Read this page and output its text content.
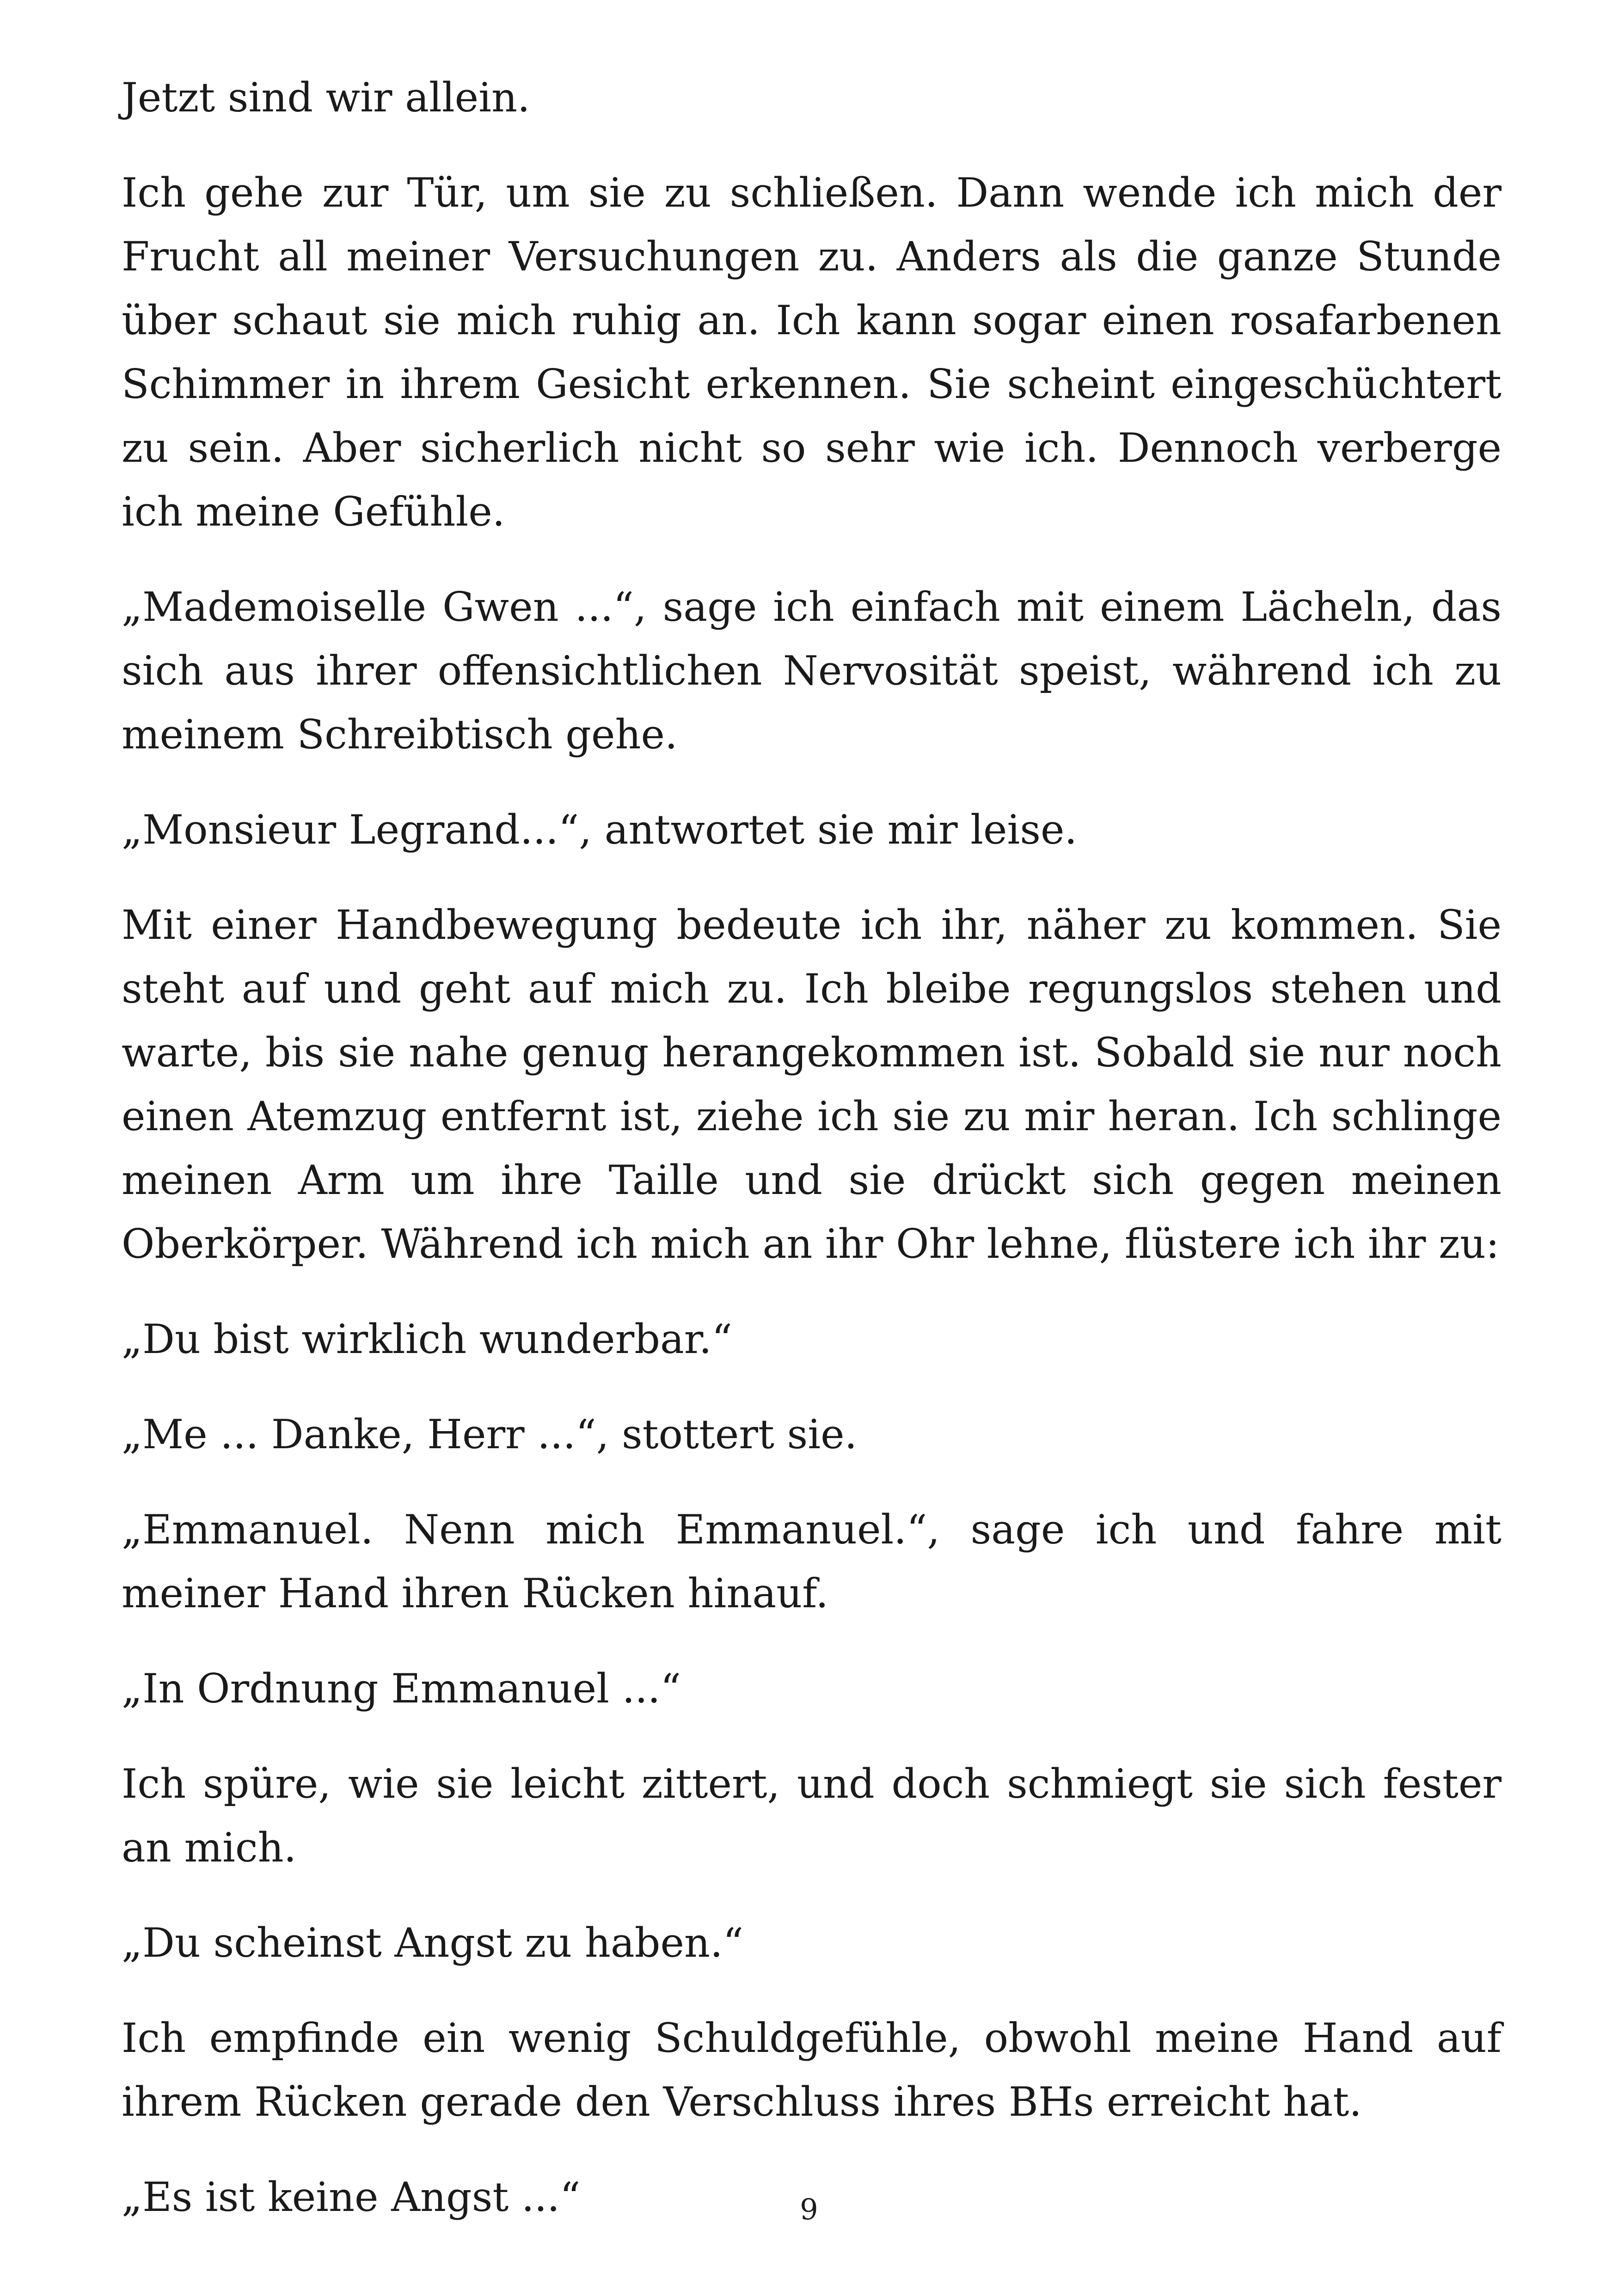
Jetzt sind wir allein.

Ich gehe zur Tür, um sie zu schließen. Dann wende ich mich der Frucht all meiner Versuchungen zu. Anders als die ganze Stunde über schaut sie mich ruhig an. Ich kann sogar einen rosafarbenen Schimmer in ihrem Gesicht erkennen. Sie scheint eingeschüchtert zu sein. Aber sicherlich nicht so sehr wie ich. Dennoch verberge ich meine Gefühle.

„Mademoiselle Gwen ...“, sage ich einfach mit einem Lächeln, das sich aus ihrer offensichtlichen Nervosität speist, während ich zu meinem Schreibtisch gehe.

„Monsieur Legrand...“, antwortet sie mir leise.

Mit einer Handbewegung bedeute ich ihr, näher zu kommen. Sie steht auf und geht auf mich zu. Ich bleibe regungslos stehen und warte, bis sie nahe genug herangekommen ist. Sobald sie nur noch einen Atemzug entfernt ist, ziehe ich sie zu mir heran. Ich schlinge meinen Arm um ihre Taille und sie drückt sich gegen meinen Oberkörper. Während ich mich an ihr Ohr lehne, flüstere ich ihr zu:

„Du bist wirklich wunderbar.“

„Me ... Danke, Herr ...“, stottert sie.

„Emmanuel. Nenn mich Emmanuel.“, sage ich und fahre mit meiner Hand ihren Rücken hinauf.

„In Ordnung Emmanuel ...“

Ich spüre, wie sie leicht zittert, und doch schmiegt sie sich fester an mich.

„Du scheinst Angst zu haben.“

Ich empfinde ein wenig Schuldgefühle, obwohl meine Hand auf ihrem Rücken gerade den Verschluss ihres BHs erreicht hat.

„Es ist keine Angst ...“	9
